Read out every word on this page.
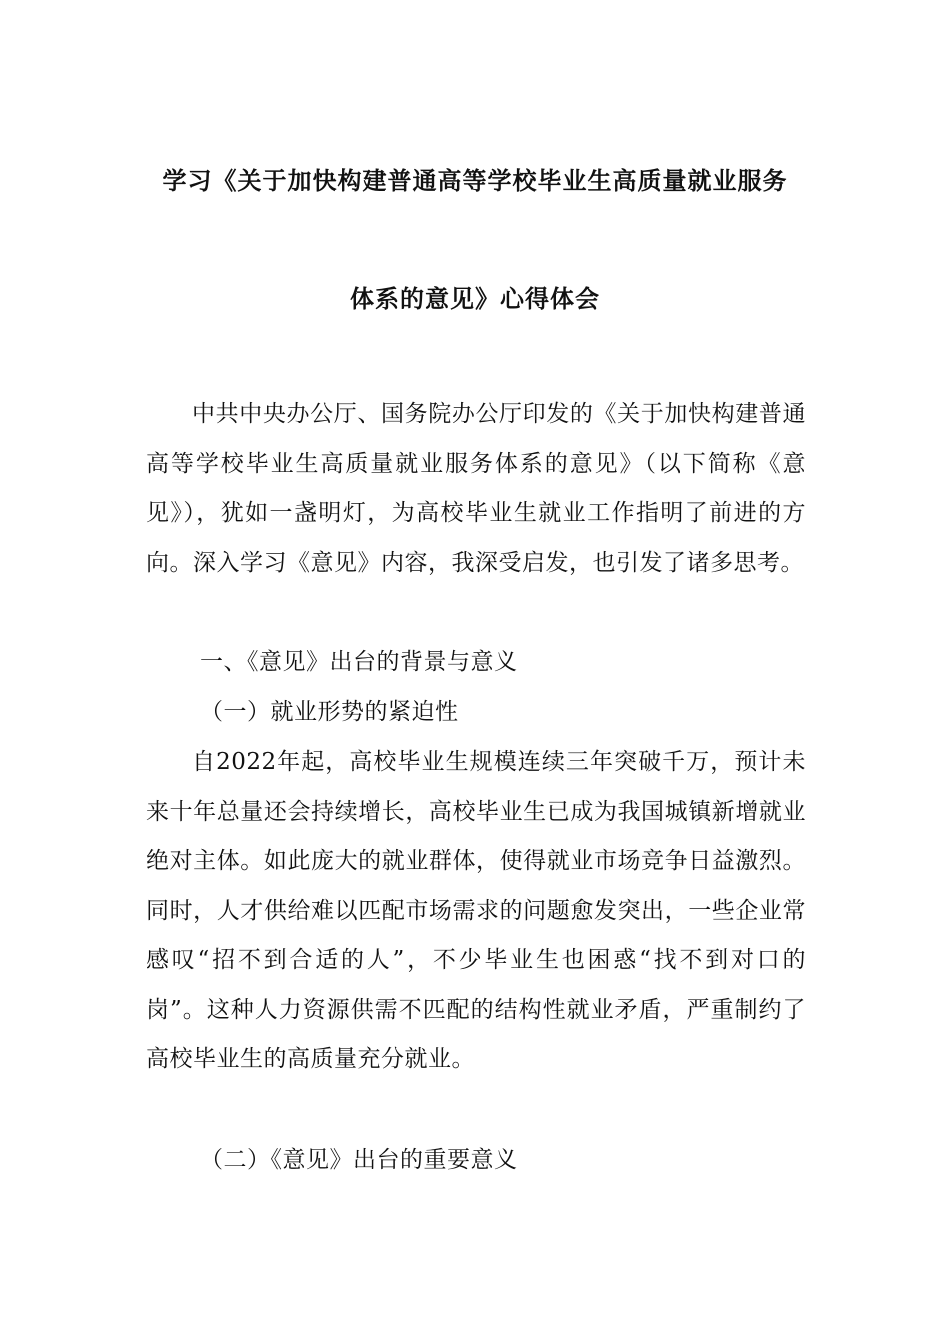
学习《关于加快构建普通高等学校毕业生高质量就业服务
体系的意见》心得体会

中共中央办公厅、国务院办公厅印发的《关于加快构建普通高等学校毕业生高质量就业服务体系的意见》（以下简称《意见》），犹如一盏明灯，为高校毕业生就业工作指明了前进的方向。深入学习《意见》内容，我深受启发，也引发了诸多思考。

一、《意见》出台的背景与意义

（一）就业形势的紧迫性

自2022年起，高校毕业生规模连续三年突破千万，预计未来十年总量还会持续增长，高校毕业生已成为我国城镇新增就业绝对主体。如此庞大的就业群体，使得就业市场竞争日益激烈。同时，人才供给难以匹配市场需求的问题愈发突出，一些企业常感叹“招不到合适的人”，不少毕业生也困惑“找不到对口的岗”。这种人力资源供需不匹配的结构性就业矛盾，严重制约了高校毕业生的高质量充分就业。

（二）《意见》出台的重要意义
